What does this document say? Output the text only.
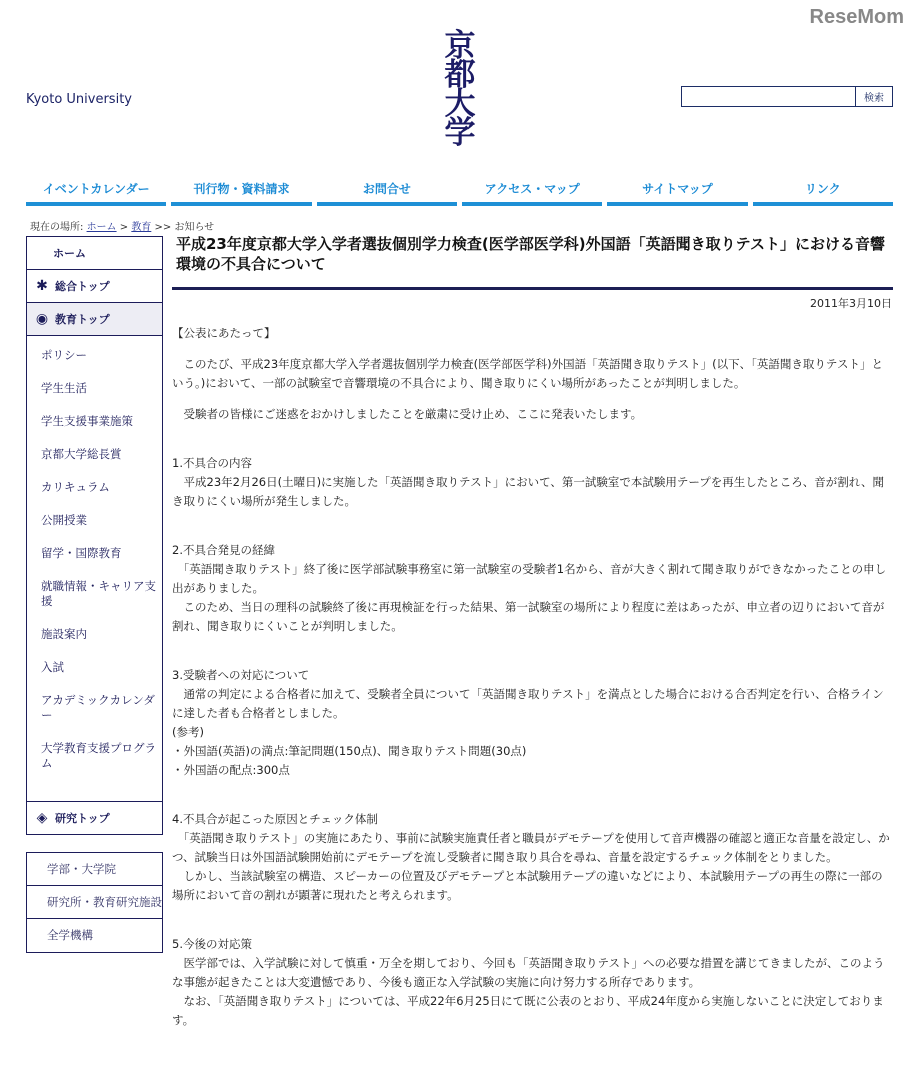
Kyoto University
京都大学
検索
イベントカレンダー	刊行物・資料請求	お問合せ	アクセス・マップ	サイトマップ	リンク
現在の場所: ホーム > 教育 >> お知らせ
ホーム
✱ 総合トップ
◉ 教育トップ
ポリシー
学生生活
学生支援事業施策
京都大学総長賞
カリキュラム
公開授業
留学・国際教育
就職情報・キャリア支援
施設案内
入試
アカデミックカレンダー
大学教育支援プログラム
◈ 研究トップ
学部・大学院
研究所・教育研究施設
全学機構
平成23年度京都大学入学者選抜個別学力検査(医学部医学科)外国語「英語聞き取りテスト」における音響環境の不具合について
2011年3月10日

【公表にあたって】

　このたび、平成23年度京都大学入学者選抜個別学力検査(医学部医学科)外国語「英語聞き取りテスト」(以下、「英語聞き取りテスト」という。)において、一部の試験室で音響環境の不具合により、聞き取りにくい場所があったことが判明しました。

　受験者の皆様にご迷惑をおかけしましたことを厳粛に受け止め、ここに発表いたします。

1.不具合の内容

　平成23年2月26日(土曜日)に実施した「英語聞き取りテスト」において、第一試験室で本試験用テープを再生したところ、音が割れ、聞き取りにくい場所が発生しました。

2.不具合発見の経緯

　「英語聞き取りテスト」終了後に医学部試験事務室に第一試験室の受験者1名から、音が大きく割れて聞き取りができなかったことの申し出がありました。

　このため、当日の理科の試験終了後に再現検証を行った結果、第一試験室の場所により程度に差はあったが、申立者の辺りにおいて音が割れ、聞き取りにくいことが判明しました。

3.受験者への対応について

　通常の判定による合格者に加えて、受験者全員について「英語聞き取りテスト」を満点とした場合における合否判定を行い、合格ラインに達した者も合格者としました。

(参考)

・外国語(英語)の満点:筆記問題(150点)、聞き取りテスト問題(30点)

・外国語の配点:300点

4.不具合が起こった原因とチェック体制

　「英語聞き取りテスト」の実施にあたり、事前に試験実施責任者と職員がデモテープを使用して音声機器の確認と適正な音量を設定し、かつ、試験当日は外国語試験開始前にデモテープを流し受験者に聞き取り具合を尋ね、音量を設定するチェック体制をとりました。

　しかし、当該試験室の構造、スピーカーの位置及びデモテープと本試験用テープの違いなどにより、本試験用テープの再生の際に一部の場所において音の割れが顕著に現れたと考えられます。

5.今後の対応策

　医学部では、入学試験に対して慎重・万全を期しており、今回も「英語聞き取りテスト」への必要な措置を講じてきましたが、このような事態が起きたことは大変遺憾であり、今後も適正な入学試験の実施に向け努力する所存であります。

　なお、「英語聞き取りテスト」については、平成22年6月25日にて既に公表のとおり、平成24年度から実施しないことに決定しております。

ReseMom
